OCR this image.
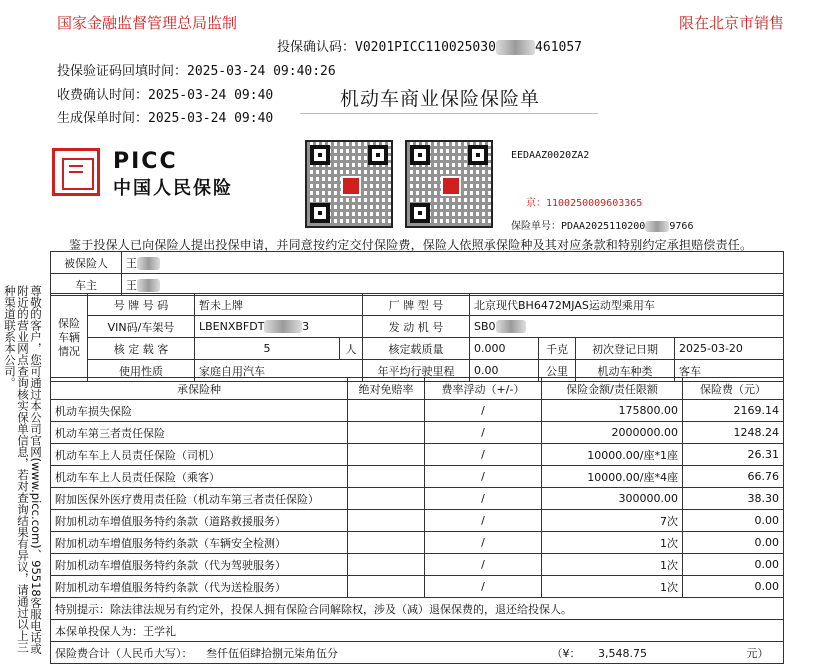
国家金融监督管理总局监制	限在北京市销售
投保确认码：V0201PICC110025030	461057
投保验证码回填时间：2025-03-24 09:40:26
收费确认时间：2025-03-24 09:40
生成保单时间：2025-03-24 09:40
机动车商业保险保险单
PICC
中国人民保险
EEDAAZ0020ZA2
京：1100250009603365
保险单号：PDAA2025110200 9766
鉴于投保人已向保险人提出投保申请，并同意按约定交付保险费，保险人依照承保险种及其对应条款和特别约定承担赔偿责任。
尊敬的客户，您可通过本公司官网(www.picc.com)、95518客服电话或附近的营业网点查询核实保单信息，若对查询结果有异议，请通过以上三种渠道联系本公司。
被保险人	王
车主	王
保险车辆情况	号 牌 号 码	暂未上牌		厂 牌 型 号	北京现代BH6472MJAS运动型乘用车			
	VIN码/车架号	LBENXBFDT 3		发 动 机 号	SB0			
	核 定 载 客	5	人	核定载质量	0.000	千克	初次登记日期	2025-03-20
	使用性质	家庭自用汽车		年平均行驶里程	0.00	公里	机动车种类	客车
承保险种	绝对免赔率	费率浮动（+/-）	保险金额/责任限额	保险费（元）
机动车损失保险		/	175800.00	2169.14
机动车第三者责任保险		/	2000000.00	1248.24
机动车车上人员责任保险（司机）		/	10000.00/座*1座	26.31
机动车车上人员责任保险（乘客）		/	10000.00/座*4座	66.76
附加医保外医疗费用责任险（机动车第三者责任保险）		/	300000.00	38.30
附加机动车增值服务特约条款（道路救援服务）		/	7次	0.00
附加机动车增值服务特约条款（车辆安全检测）		/	1次	0.00
附加机动车增值服务特约条款（代为驾驶服务）		/	1次	0.00
附加机动车增值服务特约条款（代为送检服务）		/	1次	0.00
特别提示：除法律法规另有约定外，投保人拥有保险合同解除权，涉及（减）退保保费的，退还给投保人。				
本保单投保人为：王学礼				
保险费合计（人民币大写）： 叁仟伍佰肆拾捌元柒角伍分 （¥： 3,548.75 元）				
